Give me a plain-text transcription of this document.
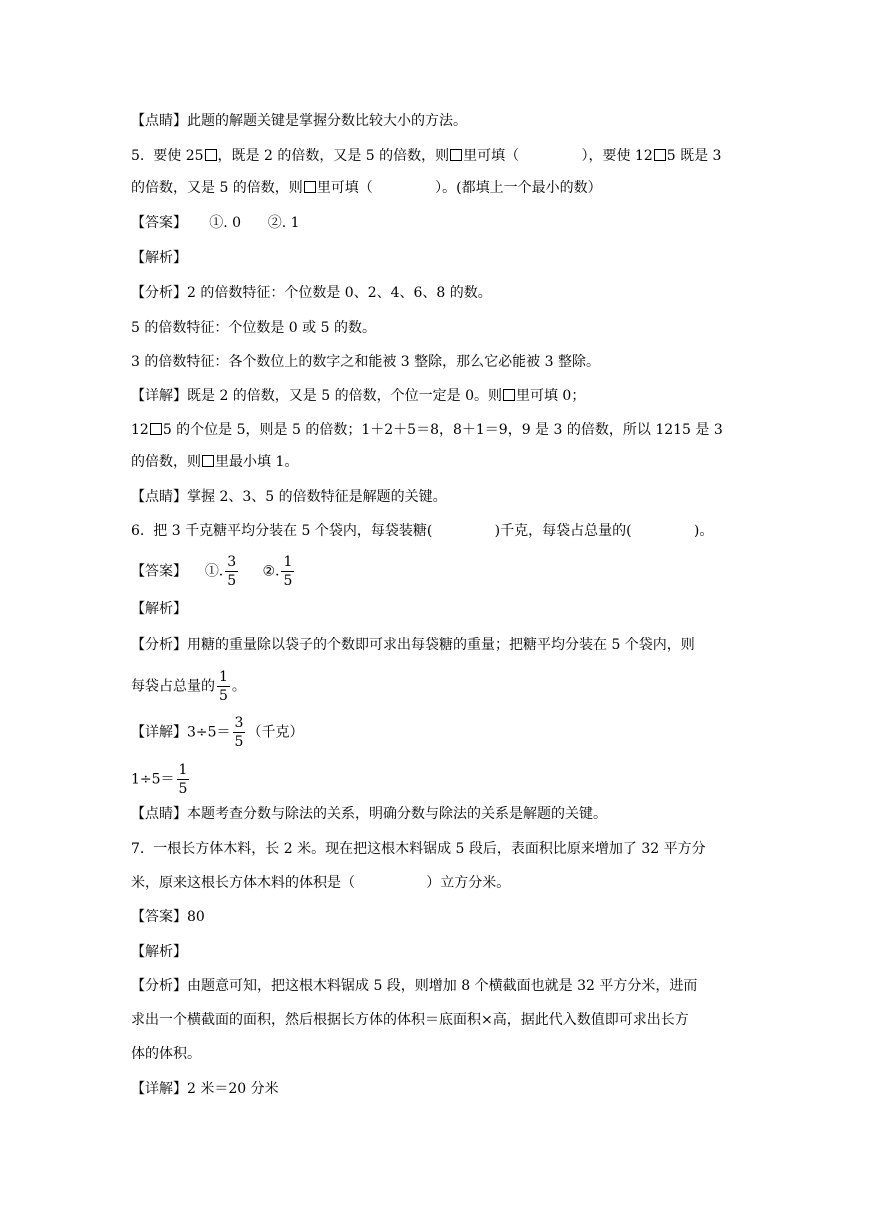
【点睛】此题的解题关键是掌握分数比较大小的方法。
5. 要使 25 ，既是 2 的倍数，又是 5 的倍数，则 里可填（	），要使 12 5 既是 3
的倍数，又是 5 的倍数，则 里可填（	）。(都填上一个最小的数）
【答案】 ①. 0 ②. 1
【解析】
【分析】2 的倍数特征：个位数是 0、2、4、6、8 的数。
5 的倍数特征：个位数是 0 或 5 的数。
3 的倍数特征：各个数位上的数字之和能被 3 整除，那么它必能被 3 整除。
【详解】既是 2 的倍数，又是 5 的倍数，个位一定是 0。则 里可填 0；
12 5 的个位是 5，则是 5 的倍数；1＋2＋5＝8，8＋1＝9，9 是 3 的倍数，所以 1215 是 3
的倍数，则 里最小填 1。
【点睛】掌握 2、3、5 的倍数特征是解题的关键。
6.  把 3 千克糖平均分装在 5 个袋内，每袋装糖(	)千克，每袋占总量的(	)。
【答案】 ①. $\frac{3}{5}$ ②. $\frac{1}{5}$
【解析】
【分析】用糖的重量除以袋子的个数即可求出每袋糖的重量；把糖平均分装在 5 个袋内，则
每袋占总量的 $\frac{1}{5}$ 。
【详解】$3\div 5= \frac{3}{5}$ （千克）
$1\div 5= \frac{1}{5}$
【点睛】本题考查分数与除法的关系，明确分数与除法的关系是解题的关键。
7.  一根长方体木料，长 2 米。现在把这根木料锯成 5 段后，表面积比原来增加了 32 平方分
米，原来这根长方体木料的体积是（                ）立方分米。
【答案】80
【解析】
【分析】由题意可知，把这根木料锯成 5 段，则增加 8 个横截面也就是 32 平方分米，进而
求出一个横截面的面积，然后根据长方体的体积＝底面积×高，据此代入数值即可求出长方
体的体积。
【详解】2 米＝20 分米
